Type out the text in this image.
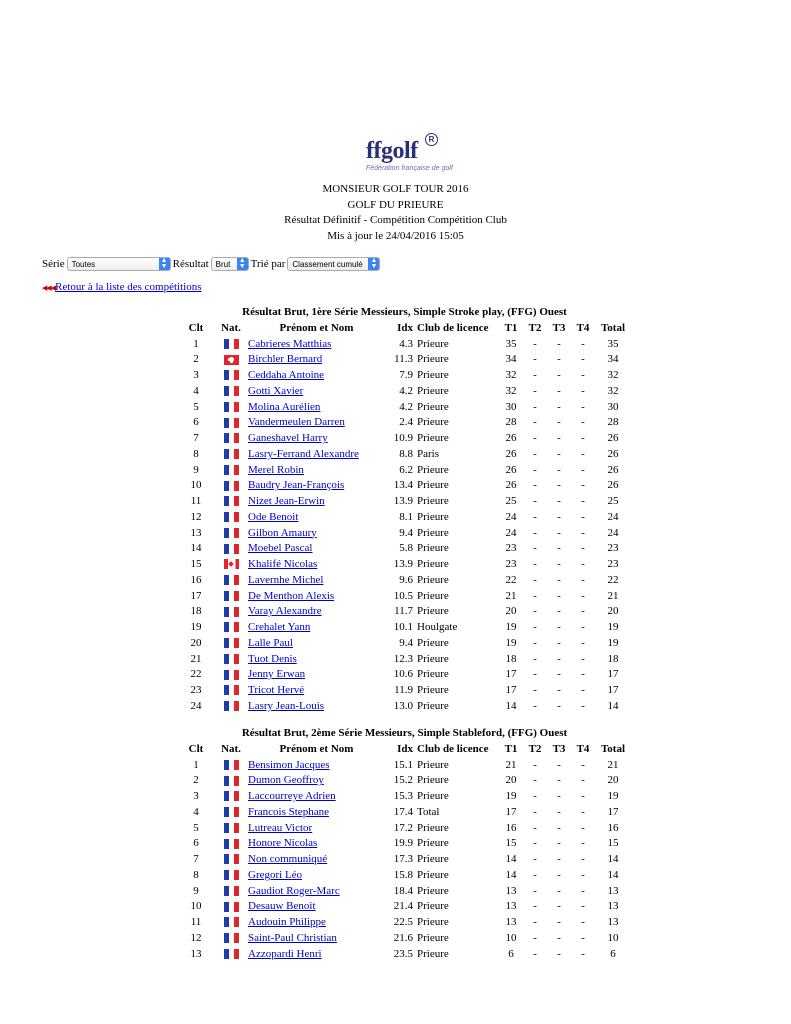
ffgolf	R
Fédération française de golf
MONSIEUR GOLF TOUR 2016
GOLF DU PRIEURE
Résultat Définitif - Compétition Compétition Club
Mis à jour le 24/04/2016 15:05
Série Toutes	▲
▼ Résultat Brut ▲
▼ Trié par Classement cumulé ▲
▼
◀◀◀Retour à la liste des compétitions
Résultat Brut, 1ère Série Messieurs, Simple Stroke play, (FFG) Ouest									
Clt	Nat.	Prénom et Nom	Idx	Club de licence	T1	T2	T3	T4	Total
1		Cabrieres Matthias	4.3	Prieure	35	-	-	-	35
2		Birchler Bernard	11.3	Prieure	34	-	-	-	34
3		Ceddaha Antoine	7.9	Prieure	32	-	-	-	32
4		Gotti Xavier	4.2	Prieure	32	-	-	-	32
5		Molina Aurélien	4.2	Prieure	30	-	-	-	30
6		Vandermeulen Darren	2.4	Prieure	28	-	-	-	28
7		Ganeshavel Harry	10.9	Prieure	26	-	-	-	26
8		Lasry-Ferrand Alexandre	8.8	Paris	26	-	-	-	26
9		Merel Robin	6.2	Prieure	26	-	-	-	26
10		Baudry Jean-François	13.4	Prieure	26	-	-	-	26
11		Nizet Jean-Erwin	13.9	Prieure	25	-	-	-	25
12		Ode Benoit	8.1	Prieure	24	-	-	-	24
13		Gilbon Amaury	9.4	Prieure	24	-	-	-	24
14		Moebel Pascal	5.8	Prieure	23	-	-	-	23
15		Khalifé Nicolas	13.9	Prieure	23	-	-	-	23
16		Lavernhe Michel	9.6	Prieure	22	-	-	-	22
17		De Menthon Alexis	10.5	Prieure	21	-	-	-	21
18		Varay Alexandre	11.7	Prieure	20	-	-	-	20
19		Crehalet Yann	10.1	Houlgate	19	-	-	-	19
20		Lalle Paul	9.4	Prieure	19	-	-	-	19
21		Tuot Denis	12.3	Prieure	18	-	-	-	18
22		Jenny Erwan	10.6	Prieure	17	-	-	-	17
23		Tricot Hervé	11.9	Prieure	17	-	-	-	17
24		Lasry Jean-Louis	13.0	Prieure	14	-	-	-	14
Résultat Brut, 2ème Série Messieurs, Simple Stableford, (FFG) Ouest									
Clt	Nat.	Prénom et Nom	Idx	Club de licence	T1	T2	T3	T4	Total
1		Bensimon Jacques	15.1	Prieure	21	-	-	-	21
2		Dumon Geoffroy	15.2	Prieure	20	-	-	-	20
3		Laccourreye Adrien	15.3	Prieure	19	-	-	-	19
4		Francois Stephane	17.4	Total	17	-	-	-	17
5		Lutreau Victor	17.2	Prieure	16	-	-	-	16
6		Honore Nicolas	19.9	Prieure	15	-	-	-	15
7		Non communiqué	17.3	Prieure	14	-	-	-	14
8		Gregori Léo	15.8	Prieure	14	-	-	-	14
9		Gaudiot Roger-Marc	18.4	Prieure	13	-	-	-	13
10		Desauw Benoit	21.4	Prieure	13	-	-	-	13
11		Audouin Philippe	22.5	Prieure	13	-	-	-	13
12		Saint-Paul Christian	21.6	Prieure	10	-	-	-	10
13		Azzopardi Henri	23.5	Prieure	6	-	-	-	6
